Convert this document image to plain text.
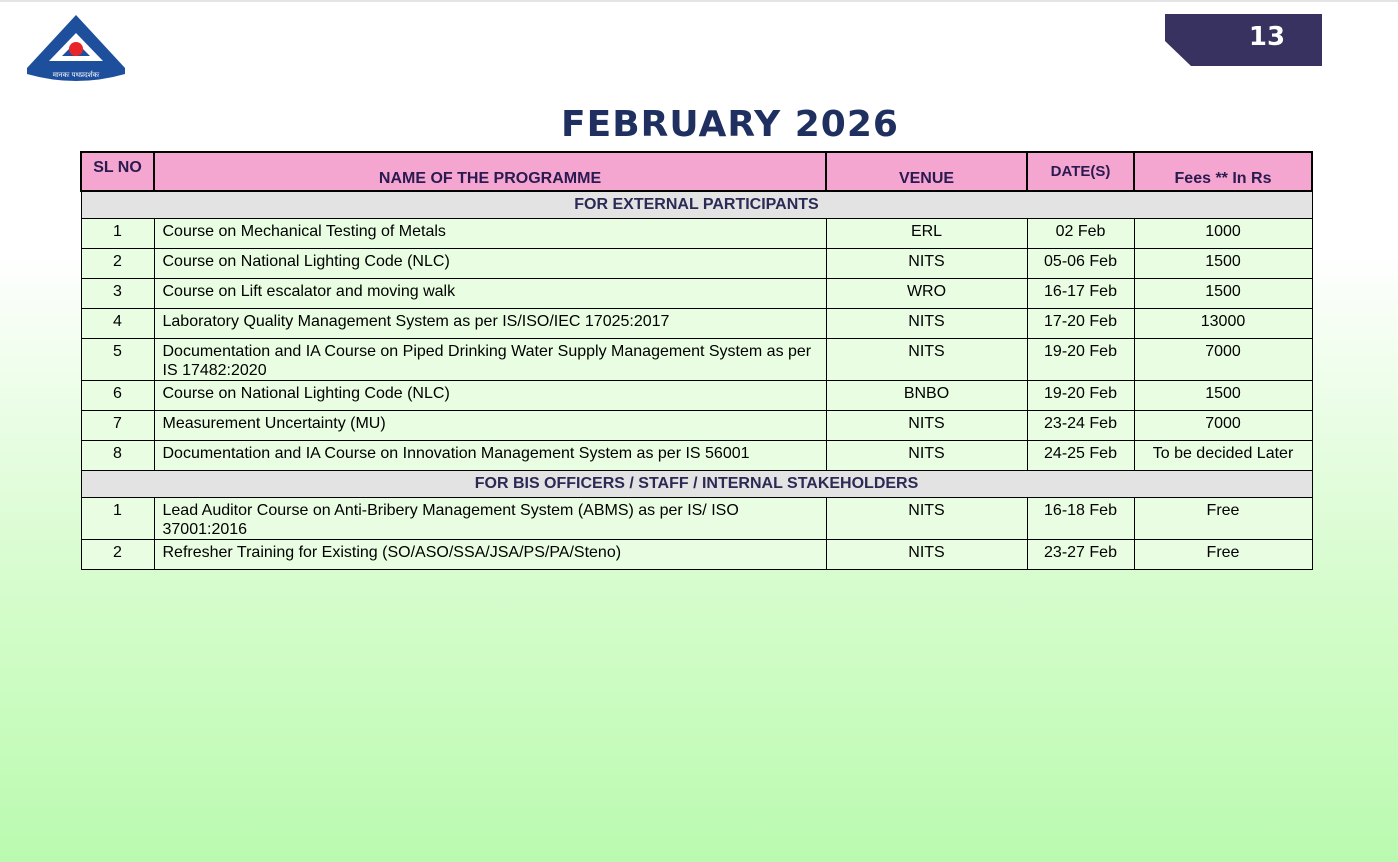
मानकः पथप्रदर्शकः
13
FEBRUARY 2026
SL NO	NAME OF THE PROGRAMME	VENUE	DATE(S)	Fees ** In Rs
FOR EXTERNAL PARTICIPANTS				
1	Course on Mechanical Testing of Metals	ERL	02 Feb	1000
2	Course on National Lighting Code (NLC)	NITS	05-06 Feb	1500
3	Course on Lift escalator and moving walk	WRO	16-17 Feb	1500
4	Laboratory Quality Management System as per IS/ISO/IEC 17025:2017	NITS	17-20 Feb	13000
5	Documentation and IA Course on Piped Drinking Water Supply Management System as per IS 17482:2020	NITS	19-20 Feb	7000
6	Course on National Lighting Code (NLC)	BNBO	19-20 Feb	1500
7	Measurement Uncertainty (MU)	NITS	23-24 Feb	7000
8	Documentation and IA Course on Innovation Management System as per IS 56001	NITS	24-25 Feb	To be decided Later
FOR BIS OFFICERS / STAFF / INTERNAL STAKEHOLDERS				
1	Lead Auditor Course on Anti-Bribery Management System (ABMS) as per IS/ ISO 37001:2016	NITS	16-18 Feb	Free
2	Refresher Training for Existing (SO/ASO/SSA/JSA/PS/PA/Steno)	NITS	23-27 Feb	Free
